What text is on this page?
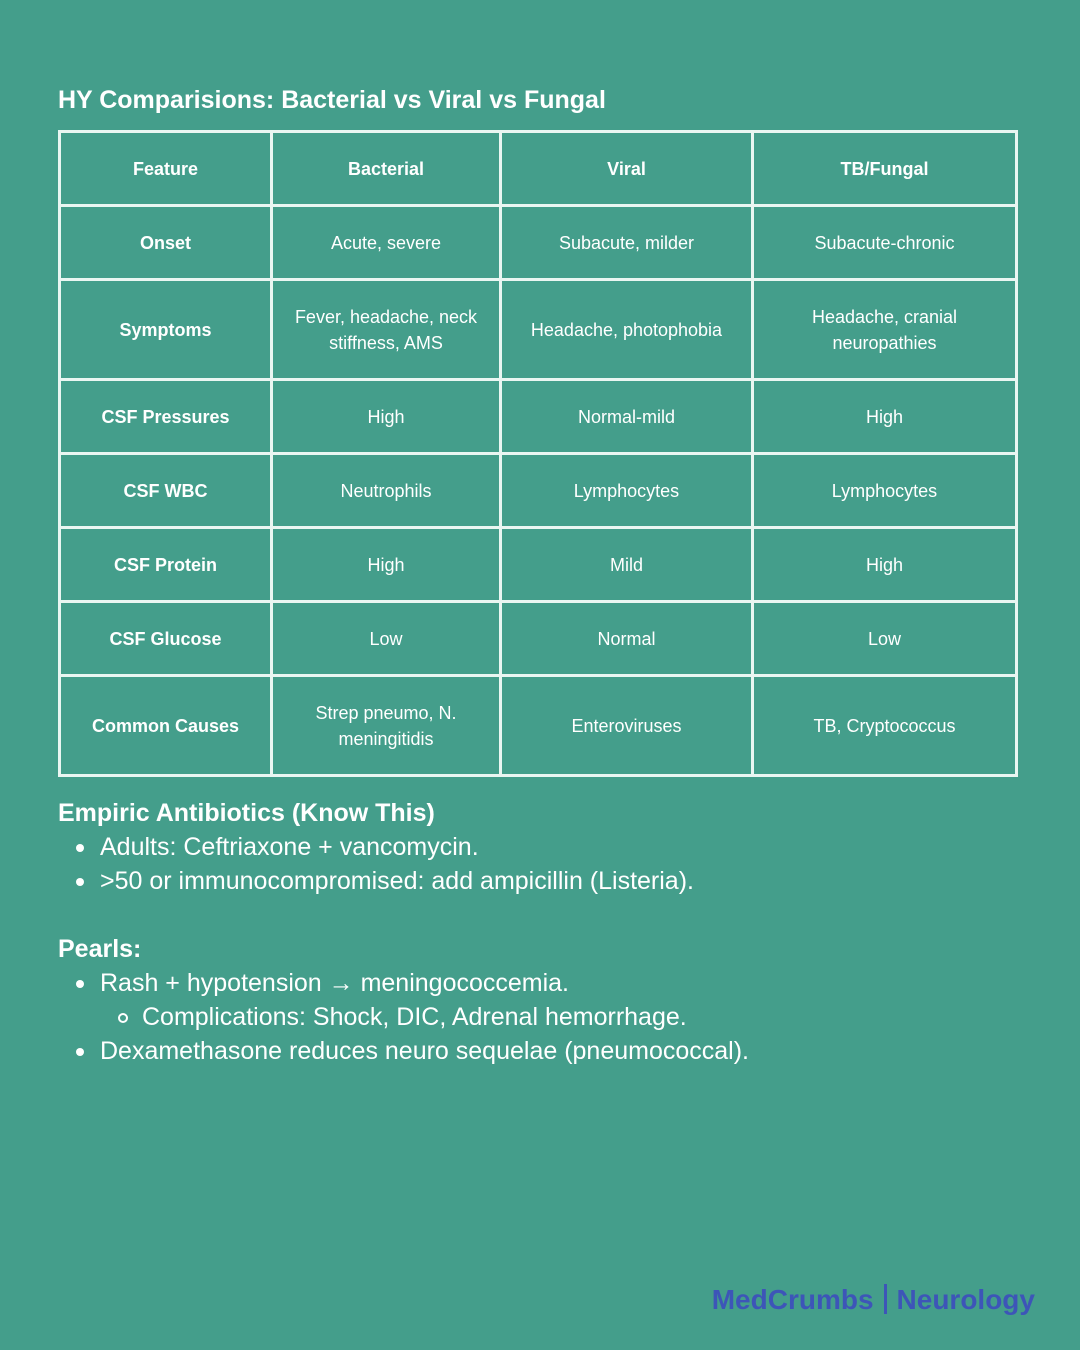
HY Comparisions: Bacterial vs Viral vs Fungal
Feature	Bacterial	Viral	TB/Fungal
Onset	Acute, severe	Subacute, milder	Subacute-chronic
Symptoms	Fever, headache, neck stiffness, AMS	Headache, photophobia	Headache, cranial neuropathies
CSF Pressures	High	Normal-mild	High
CSF WBC	Neutrophils	Lymphocytes	Lymphocytes
CSF Protein	High	Mild	High
CSF Glucose	Low	Normal	Low
Common Causes	Strep pneumo, N. meningitidis	Enteroviruses	TB, Cryptococcus
Empiric Antibiotics (Know This)
Adults: Ceftriaxone + vancomycin.
>50 or immunocompromised: add ampicillin (Listeria).
Pearls:
Rash + hypotension → meningococcemia.
Complications: Shock, DIC, Adrenal hemorrhage.
Dexamethasone reduces neuro sequelae (pneumococcal).
MedCrumbs Neurology
